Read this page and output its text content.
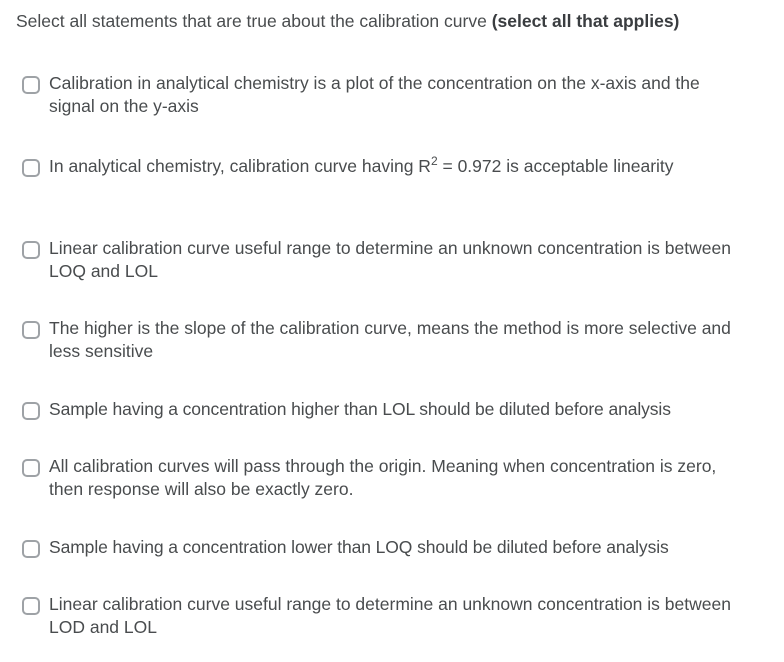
Select all statements that are true about the calibration curve (select all that applies)
Calibration in analytical chemistry is a plot of the concentration on the x-axis and the signal on the y-axis
In analytical chemistry, calibration curve having $R^2 = 0.972$ is acceptable linearity
Linear calibration curve useful range to determine an unknown concentration is between LOQ and LOL
The higher is the slope of the calibration curve, means the method is more selective and less sensitive
Sample having a concentration higher than LOL should be diluted before analysis
All calibration curves will pass through the origin. Meaning when concentration is zero, then response will also be exactly zero.
Sample having a concentration lower than LOQ should be diluted before analysis
Linear calibration curve useful range to determine an unknown concentration is between LOD and LOL
